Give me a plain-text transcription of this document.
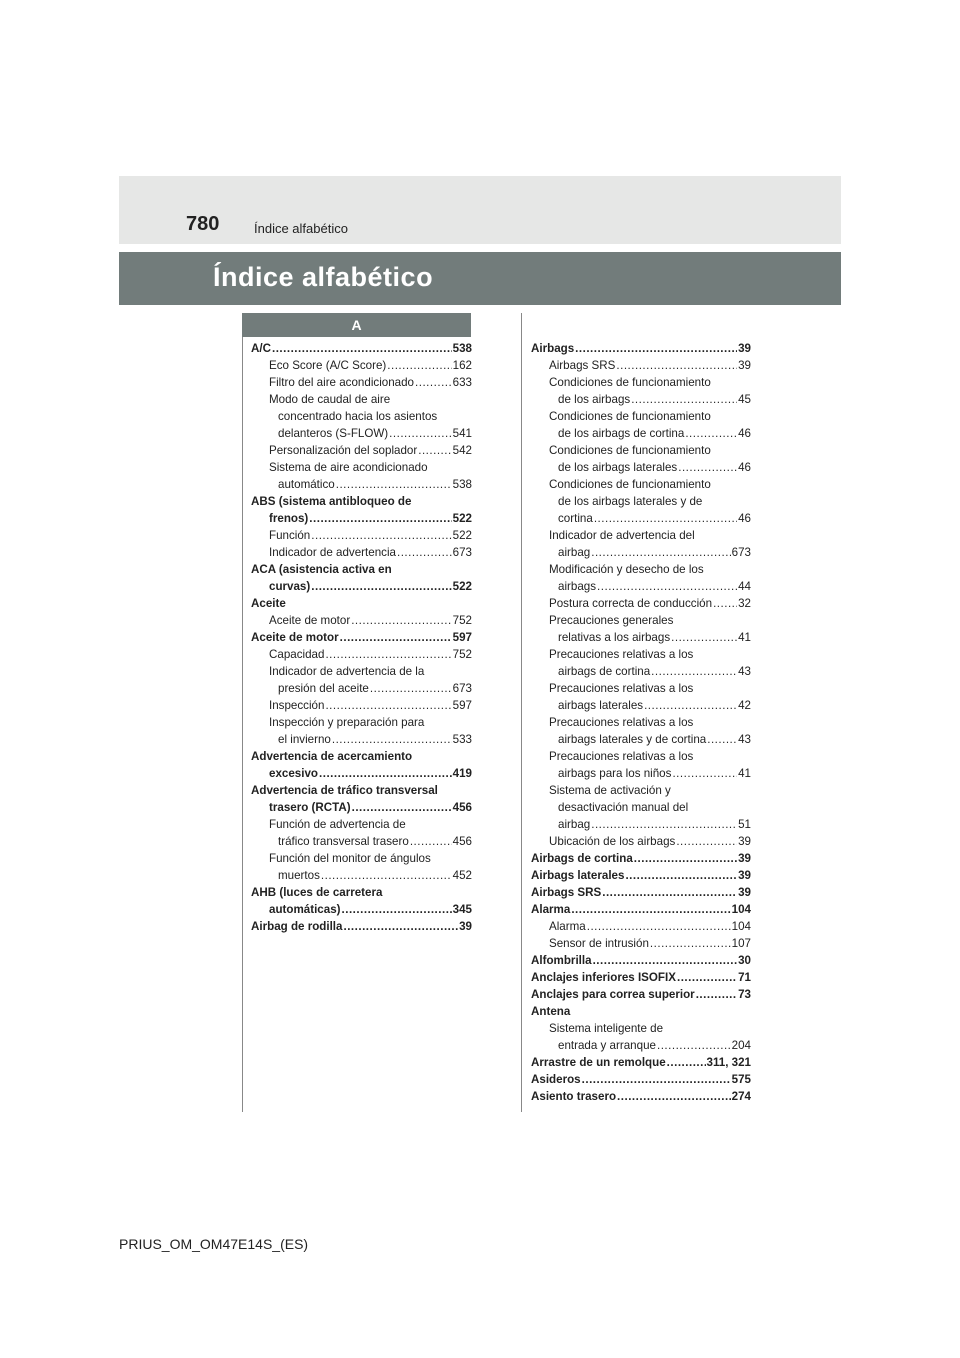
780	Índice alfabético
Índice alfabético
A
A/C .....	538
Eco Score (A/C Score) .....	162
Filtro del aire acondicionado .....	633
Modo de caudal de aire
concentrado hacia los asientos
delanteros (S-FLOW) .....	541
Personalización del soplador .....	542
Sistema de aire acondicionado
automático .....	538
ABS (sistema antibloqueo de
frenos) .....	522
Función .....	522
Indicador de advertencia .....	673
ACA (asistencia activa en
curvas) .....	522
Aceite
Aceite de motor .....	752
Aceite de motor .....	597
Capacidad .....	752
Indicador de advertencia de la
presión del aceite .....	673
Inspección .....	597
Inspección y preparación para
el invierno .....	533
Advertencia de acercamiento
excesivo .....	419
Advertencia de tráfico transversal
trasero (RCTA) .....	456
Función de advertencia de
tráfico transversal trasero .....	456
Función del monitor de ángulos
muertos .....	452
AHB (luces de carretera
automáticas) .....	345
Airbag de rodilla .....	39
Airbags .....	39
Airbags SRS .....	39
Condiciones de funcionamiento
de los airbags .....	45
Condiciones de funcionamiento
de los airbags de cortina .....	46
Condiciones de funcionamiento
de los airbags laterales .....	46
Condiciones de funcionamiento
de los airbags laterales y de
cortina .....	46
Indicador de advertencia del
airbag .....	673
Modificación y desecho de los
airbags .....	44
Postura correcta de conducción ..... 32
Precauciones generales
relativas a los airbags .....	41
Precauciones relativas a los
airbags de cortina .....	43
Precauciones relativas a los
airbags laterales .....	42
Precauciones relativas a los
airbags laterales y de cortina .....	43
Precauciones relativas a los
airbags para los niños .....	41
Sistema de activación y
desactivación manual del
airbag .....	51
Ubicación de los airbags .....	39
Airbags de cortina .....	39
Airbags laterales .....	39
Airbags SRS .....	39
Alarma .....	104
Alarma .....	104
Sensor de intrusión .....	107
Alfombrilla .....	30
Anclajes inferiores ISOFIX .....	71
Anclajes para correa superior .....	73
Antena
Sistema inteligente de
entrada y arranque .....	204
Arrastre de un remolque .....	311, 321
Asideros .....	575
Asiento trasero .....	274
PRIUS_OM_OM47E14S_(ES)
